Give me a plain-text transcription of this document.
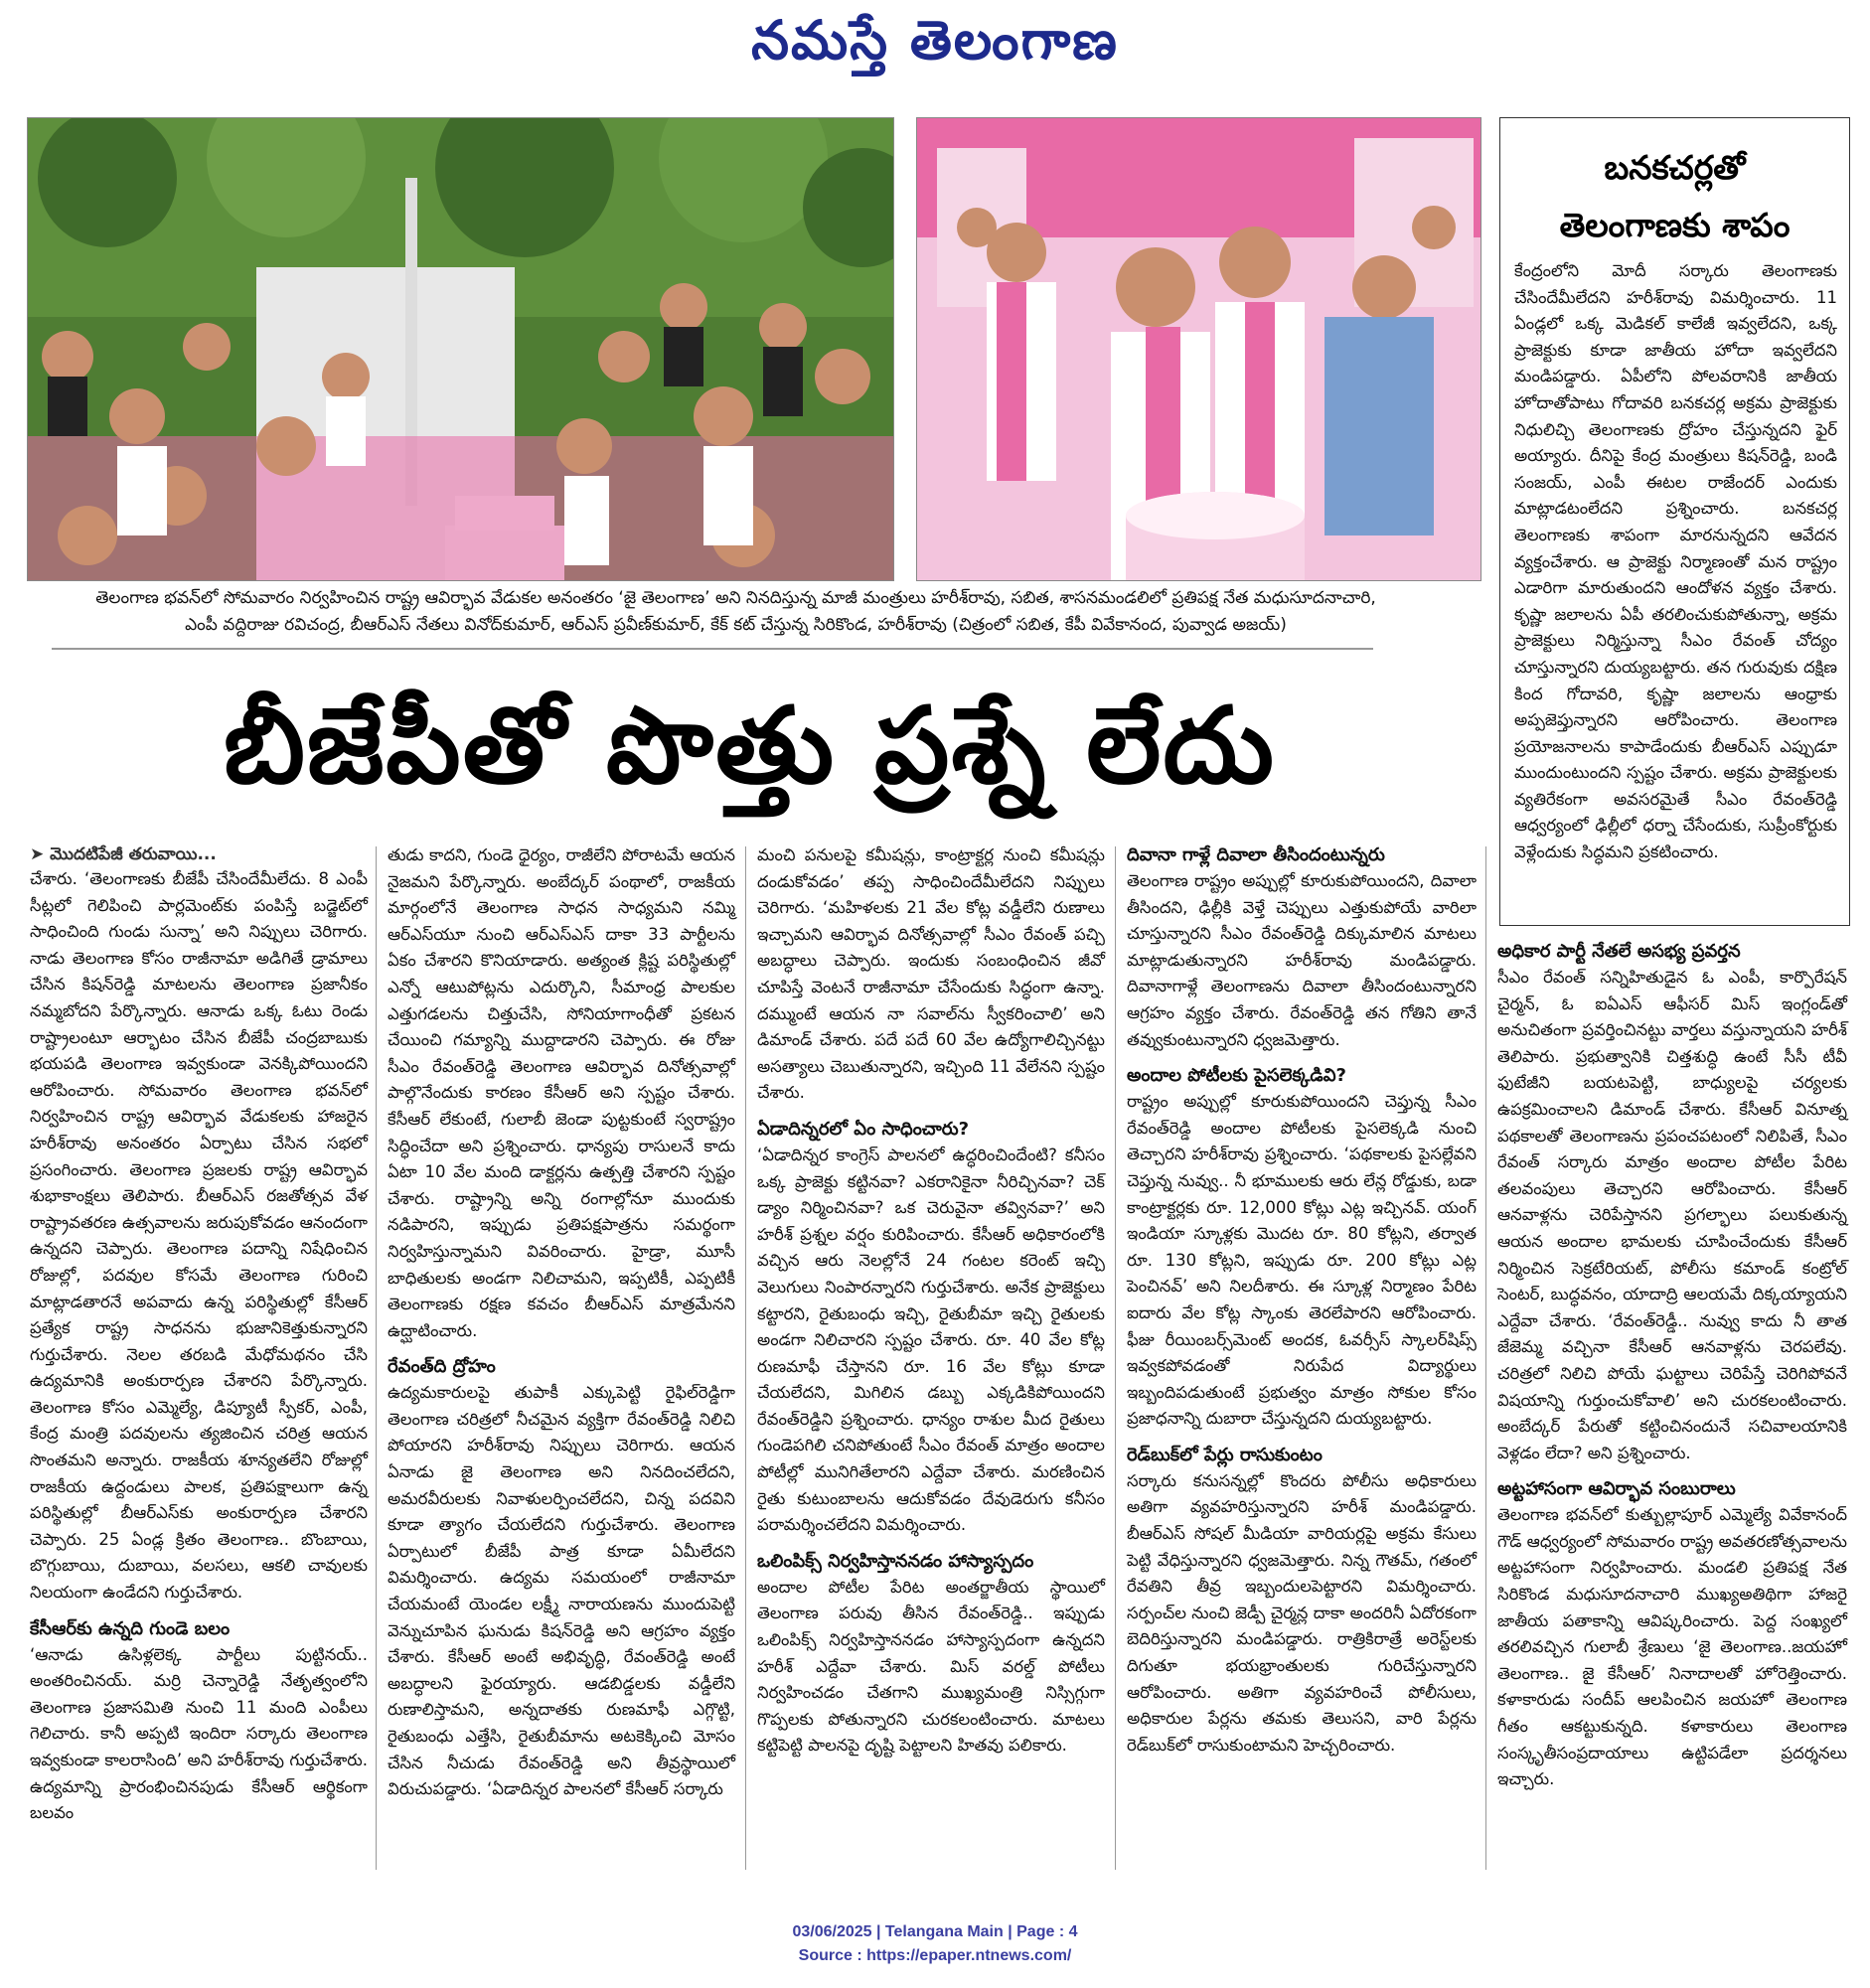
నమస్తే తెలంగాణ
తెలంగాణ భవన్‌లో సోమవారం నిర్వహించిన రాష్ట్ర ఆవిర్భావ వేడుకల అనంతరం ‘జై తెలంగాణ’ అని నినదిస్తున్న మాజీ మంత్రులు హరీశ్‌రావు, సబిత, శాసనమండలిలో ప్రతిపక్ష నేత మధుసూదనాచారి,
ఎంపీ వద్దిరాజు రవిచంద్ర, బీఆర్‌ఎస్ నేతలు వినోద్‌కుమార్, ఆర్‌ఎస్ ప్రవీణ్‌కుమార్, కేక్ కట్ చేస్తున్న సిరికొండ, హరీశ్‌రావు (చిత్రంలో సబిత, కేపీ వివేకానంద, పువ్వాడ అజయ్)
బీజేపీతో పొత్తు ప్రశ్నే లేదు
బనకచర్లతో
తెలంగాణకు శాపం

కేంద్రంలోని మోదీ సర్కారు తెలంగాణకు చేసిందేమీలేదని హరీశ్‌రావు విమర్శించారు. 11 ఏండ్లలో ఒక్క మెడికల్ కాలేజీ ఇవ్వలేదని, ఒక్క ప్రాజెక్టుకు కూడా జాతీయ హోదా ఇవ్వలేదని మండిపడ్డారు. ఏపీలోని పోలవరానికి జాతీయ హోదాతోపాటు గోదావరి బనకచర్ల అక్రమ ప్రాజెక్టుకు నిధులిచ్చి తెలంగాణకు ద్రోహం చేస్తున్నదని ఫైర్ అయ్యారు. దీనిపై కేంద్ర మంత్రులు కిషన్‌రెడ్డి, బండి సంజయ్, ఎంపీ ఈటల రాజేందర్ ఎందుకు మాట్లాడటంలేదని ప్రశ్నించారు. బనకచర్ల తెలంగాణకు శాపంగా మారనున్నదని ఆవేదన వ్యక్తంచేశారు. ఆ ప్రాజెక్టు నిర్మాణంతో మన రాష్ట్రం ఎడారిగా మారుతుందని ఆందోళన వ్యక్తం చేశారు. కృష్ణా జలాలను ఏపీ తరలించుకుపోతున్నా, అక్రమ ప్రాజెక్టులు నిర్మిస్తున్నా సీఎం రేవంత్ చోద్యం చూస్తున్నారని దుయ్యబట్టారు. తన గురువుకు దక్షిణ కింద గోదావరి, కృష్ణా జలాలను ఆంధ్రాకు అప్పజెప్తున్నారని ఆరోపించారు. తెలంగాణ ప్రయోజనాలను కాపాడేందుకు బీఆర్‌ఎస్ ఎప్పుడూ ముందుంటుందని స్పష్టం చేశారు. అక్రమ ప్రాజెక్టులకు వ్యతిరేకంగా అవసరమైతే సీఎం రేవంత్‌రెడ్డి ఆధ్వర్యంలో ఢిల్లీలో ధర్నా చేసేందుకు, సుప్రీంకోర్టుకు వెళ్లేందుకు సిద్ధమని ప్రకటించారు.

➤ మొదటిపేజీ తరువాయి...

చేశారు. ‘తెలంగాణకు బీజేపీ చేసిందేమీలేదు. 8 ఎంపీ సీట్లలో గెలిపించి పార్లమెంట్‌కు పంపిస్తే బడ్జెట్‌లో సాధించింది గుండు సున్నా’ అని నిప్పులు చెరిగారు. నాడు తెలంగాణ కోసం రాజీనామా అడిగితే డ్రామాలు చేసిన కిషన్‌రెడ్డి మాటలను తెలంగాణ ప్రజానీకం నమ్మబోదని పేర్కొన్నారు. ఆనాడు ఒక్క ఓటు రెండు రాష్ట్రాలంటూ ఆర్భాటం చేసిన బీజేపీ చంద్రబాబుకు భయపడి తెలంగాణ ఇవ్వకుండా వెనక్కిపోయిందని ఆరోపించారు. సోమవారం తెలంగాణ భవన్‌లో నిర్వహించిన రాష్ట్ర ఆవిర్భావ వేడుకలకు హాజరైన హరీశ్‌రావు అనంతరం ఏర్పాటు చేసిన సభలో ప్రసంగించారు. తెలంగాణ ప్రజలకు రాష్ట్ర ఆవిర్భావ శుభాకాంక్షలు తెలిపారు. బీఆర్‌ఎస్ రజతోత్సవ వేళ రాష్ట్రావతరణ ఉత్సవాలను జరుపుకోవడం ఆనందంగా ఉన్నదని చెప్పారు. తెలంగాణ పదాన్ని నిషేధించిన రోజుల్లో, పదవుల కోసమే తెలంగాణ గురించి మాట్లాడతారనే అపవాదు ఉన్న పరిస్థితుల్లో కేసీఆర్ ప్రత్యేక రాష్ట్ర సాధనను భుజానికెత్తుకున్నారని గుర్తుచేశారు. నెలల తరబడి మేధోమథనం చేసి ఉద్యమానికి అంకురార్పణ చేశారని పేర్కొన్నారు. తెలంగాణ కోసం ఎమ్మెల్యే, డిప్యూటీ స్పీకర్, ఎంపీ, కేంద్ర మంత్రి పదవులను త్యజించిన చరిత్ర ఆయన సొంతమని అన్నారు. రాజకీయ శూన్యతలేని రోజుల్లో రాజకీయ ఉద్దండులు పాలక, ప్రతిపక్షాలుగా ఉన్న పరిస్థితుల్లో బీఆర్‌ఎస్‌కు అంకురార్పణ చేశారని చెప్పారు. 25 ఏండ్ల క్రితం తెలంగాణ.. బొంబాయి, బొగ్గుబాయి, దుబాయి, వలసలు, ఆకలి చావులకు నిలయంగా ఉండేదని గుర్తుచేశారు.

కేసీఆర్‌కు ఉన్నది గుండె బలం

‘ఆనాడు ఉసిళ్లలెక్క పార్టీలు పుట్టినయ్.. అంతరించినయ్. మర్రి చెన్నారెడ్డి నేతృత్వంలోని తెలంగాణ ప్రజాసమితి నుంచి 11 మంది ఎంపీలు గెలిచారు. కానీ అప్పటి ఇందిరా సర్కారు తెలంగాణ ఇవ్వకుండా కాలరాసింది’ అని హరీశ్‌రావు గుర్తుచేశారు. ఉద్యమాన్ని ప్రారంభించినపుడు కేసీఆర్ ఆర్థికంగా బలవం

తుడు కాదని, గుండె ధైర్యం, రాజీలేని పోరాటమే ఆయన నైజమని పేర్కొన్నారు. అంబేద్కర్ పంథాలో, రాజకీయ మార్గంలోనే తెలంగాణ సాధన సాధ్యమని నమ్మి ఆర్‌ఎస్‌యూ నుంచి ఆర్‌ఎస్‌ఎస్ దాకా 33 పార్టీలను ఏకం చేశారని కొనియాడారు. అత్యంత క్లిష్ట పరిస్థితుల్లో ఎన్నో ఆటుపోట్లను ఎదుర్కొని, సీమాంధ్ర పాలకుల ఎత్తుగడలను చిత్తుచేసి, సోనియాగాంధీతో ప్రకటన చేయించి గమ్యాన్ని ముద్దాడారని చెప్పారు. ఈ రోజు సీఎం రేవంత్‌రెడ్డి తెలంగాణ ఆవిర్భావ దినోత్సవాల్లో పాల్గొనేందుకు కారణం కేసీఆర్ అని స్పష్టం చేశారు. కేసీఆర్ లేకుంటే, గులాబీ జెండా పుట్టకుంటే స్వరాష్ట్రం సిద్ధించేదా అని ప్రశ్నించారు. ధాన్యపు రాసులనే కాదు ఏటా 10 వేల మంది డాక్టర్లను ఉత్పత్తి చేశారని స్పష్టం చేశారు. రాష్ట్రాన్ని అన్ని రంగాల్లోనూ ముందుకు నడిపారని, ఇప్పుడు ప్రతిపక్షపాత్రను సమర్థంగా నిర్వహిస్తున్నామని వివరించారు. హైడ్రా, మూసీ బాధితులకు అండగా నిలిచామని, ఇప్పటికీ, ఎప్పటికీ తెలంగాణకు రక్షణ కవచం బీఆర్‌ఎస్ మాత్రమేనని ఉద్ఘాటించారు.

రేవంత్‌ది ద్రోహం

ఉద్యమకారులపై తుపాకీ ఎక్కుపెట్టి రైఫిల్‌రెడ్డిగా తెలంగాణ చరిత్రలో నీచమైన వ్యక్తిగా రేవంత్‌రెడ్డి నిలిచి పోయారని హరీశ్‌రావు నిప్పులు చెరిగారు. ఆయన ఏనాడు జై తెలంగాణ అని నినదించలేదని, అమరవీరులకు నివాళులర్పించలేదని, చిన్న పదవిని కూడా త్యాగం చేయలేదని గుర్తుచేశారు. తెలంగాణ ఏర్పాటులో బీజేపీ పాత్ర కూడా ఏమీలేదని విమర్శించారు. ఉద్యమ సమయంలో రాజీనామా చేయమంటే యెండల లక్ష్మీ నారాయణను ముందుపెట్టి వెన్నుచూపిన ఘనుడు కిషన్‌రెడ్డి అని ఆగ్రహం వ్యక్తం చేశారు. కేసీఆర్ అంటే అభివృద్ధి, రేవంత్‌రెడ్డి అంటే అబద్ధాలని ఫైరయ్యారు. ఆడబిడ్డలకు వడ్డీలేని రుణాలిస్తామని, అన్నదాతకు రుణమాఫీ ఎగ్గొట్టి, రైతుబంధు ఎత్తేసి, రైతుబీమాను అటకెక్కించి మోసం చేసిన నీచుడు రేవంత్‌రెడ్డి అని తీవ్రస్థాయిలో విరుచుపడ్డారు. ‘ఏడాదిన్నర పాలనలో కేసీఆర్ సర్కారు

మంచి పనులపై కమీషన్లు, కాంట్రాక్టర్ల నుంచి కమీషన్లు దండుకోవడం’ తప్ప సాధించిందేమీలేదని నిప్పులు చెరిగారు. ‘మహిళలకు 21 వేల కోట్ల వడ్డీలేని రుణాలు ఇచ్చామని ఆవిర్భావ దినోత్సవాల్లో సీఎం రేవంత్ పచ్చి అబద్ధాలు చెప్పారు. ఇందుకు సంబంధించిన జీవో చూపిస్తే వెంటనే రాజీనామా చేసేందుకు సిద్ధంగా ఉన్నా. దమ్ముంటే ఆయన నా సవాల్‌ను స్వీకరించాలి’ అని డిమాండ్ చేశారు. పదే పదే 60 వేల ఉద్యోగాలిచ్చినట్టు అసత్యాలు చెబుతున్నారని, ఇచ్చింది 11 వేలేనని స్పష్టం చేశారు.

ఏడాదిన్నరలో ఏం సాధించారు?

‘ఏడాదిన్నర కాంగ్రెస్ పాలనలో ఉద్ధరించిందేంటి? కనీసం ఒక్క ప్రాజెక్టు కట్టినవా? ఎకరానికైనా నీరిచ్చినవా? చెక్ డ్యాం నిర్మించినవా? ఒక చెరువైనా తవ్వినవా?’ అని హరీశ్ ప్రశ్నల వర్షం కురిపించారు. కేసీఆర్ అధికారంలోకి వచ్చిన ఆరు నెలల్లోనే 24 గంటల కరెంట్ ఇచ్చి వెలుగులు నింపారన్నారని గుర్తుచేశారు. అనేక ప్రాజెక్టులు కట్టారని, రైతుబంధు ఇచ్చి, రైతుబీమా ఇచ్చి రైతులకు అండగా నిలిచారని స్పష్టం చేశారు. రూ. 40 వేల కోట్ల రుణమాఫీ చేస్తానని రూ. 16 వేల కోట్లు కూడా చేయలేదని, మిగిలిన డబ్బు ఎక్కడికిపోయిందని రేవంత్‌రెడ్డిని ప్రశ్నించారు. ధాన్యం రాశుల మీద రైతులు గుండెపగిలి చనిపోతుంటే సీఎం రేవంత్ మాత్రం అందాల పోటీల్లో మునిగితేలారని ఎద్దేవా చేశారు. మరణించిన రైతు కుటుంబాలను ఆదుకోవడం దేవుడెరుగు కనీసం పరామర్శించలేదని విమర్శించారు.

ఒలింపిక్స్ నిర్వహిస్తాననడం హాస్యాస్పదం

అందాల పోటీల పేరిట అంతర్జాతీయ స్థాయిలో తెలంగాణ పరువు తీసిన రేవంత్‌రెడ్డి.. ఇప్పుడు ఒలింపిక్స్ నిర్వహిస్తాననడం హాస్యాస్పదంగా ఉన్నదని హరీశ్ ఎద్దేవా చేశారు. మిస్ వరల్డ్ పోటీలు నిర్వహించడం చేతగాని ముఖ్యమంత్రి నిస్సిగ్గుగా గొప్పలకు పోతున్నారని చురకలంటించారు. మాటలు కట్టిపెట్టి పాలనపై దృష్టి పెట్టాలని హితవు పలికారు.

దివానా గాళ్లే దివాలా తీసిందంటున్నరు

తెలంగాణ రాష్ట్రం అప్పుల్లో కూరుకుపోయిందని, దివాలా తీసిందని, ఢిల్లీకి వెళ్తే చెప్పులు ఎత్తుకుపోయే వారిలా చూస్తున్నారని సీఎం రేవంత్‌రెడ్డి దిక్కుమాలిన మాటలు మాట్లాడుతున్నారని హరీశ్‌రావు మండిపడ్డారు. దివానాగాళ్లే తెలంగాణను దివాలా తీసిందంటున్నారని ఆగ్రహం వ్యక్తం చేశారు. రేవంత్‌రెడ్డి తన గోతిని తానే తవ్వుకుంటున్నారని ధ్వజమెత్తారు.

అందాల పోటీలకు పైసలెక్కడివి?

రాష్ట్రం అప్పుల్లో కూరుకుపోయిందని చెప్తున్న సీఎం రేవంత్‌రెడ్డి అందాల పోటీలకు పైసలెక్కడి నుంచి తెచ్చారని హరీశ్‌రావు ప్రశ్నించారు. ‘పథకాలకు పైసల్లేవని చెప్తున్న నువ్వు.. నీ భూములకు ఆరు లేన్ల రోడ్డుకు, బడా కాంట్రాక్టర్లకు రూ. 12,000 కోట్లు ఎట్ల ఇచ్చినవ్. యంగ్ ఇండియా స్కూళ్లకు మొదట రూ. 80 కోట్లని, తర్వాత రూ. 130 కోట్లని, ఇప్పుడు రూ. 200 కోట్లు ఎట్ల పెంచినవ్’ అని నిలదీశారు. ఈ స్కూళ్ల నిర్మాణం పేరిట ఐదారు వేల కోట్ల స్కాంకు తెరలేపారని ఆరోపించారు. ఫీజు రీయింబర్స్‌మెంట్ అందక, ఓవర్సీస్ స్కాలర్‌షిప్స్ ఇవ్వకపోవడంతో నిరుపేద విద్యార్థులు ఇబ్బందిపడుతుంటే ప్రభుత్వం మాత్రం సోకుల కోసం ప్రజాధనాన్ని దుబారా చేస్తున్నదని దుయ్యబట్టారు.

రెడ్‌బుక్‌లో పేర్లు రాసుకుంటం

సర్కారు కనుసన్నల్లో కొందరు పోలీసు అధికారులు అతిగా వ్యవహరిస్తున్నారని హరీశ్ మండిపడ్డారు. బీఆర్‌ఎస్ సోషల్ మీడియా వారియర్లపై అక్రమ కేసులు పెట్టి వేధిస్తున్నారని ధ్వజమెత్తారు. నిన్న గౌతమ్, గతంలో రేవతిని తీవ్ర ఇబ్బందులపెట్టారని విమర్శించారు. సర్పంచ్‌ల నుంచి జెడ్పీ చైర్మన్ల దాకా అందరినీ ఏదోరకంగా బెదిరిస్తున్నారని మండిపడ్డారు. రాత్రికిరాత్రే అరెస్ట్‌లకు దిగుతూ భయభ్రాంతులకు గురిచేస్తున్నారని ఆరోపించారు. అతిగా వ్యవహరించే పోలీసులు, అధికారుల పేర్లను తమకు తెలుసని, వారి పేర్లను రెడ్‌బుక్‌లో రాసుకుంటామని హెచ్చరించారు.

అధికార పార్టీ నేతలే అసభ్య ప్రవర్తన

సీఎం రేవంత్ సన్నిహితుడైన ఓ ఎంపీ, కార్పొరేషన్ చైర్మన్, ఓ ఐఏఎస్ ఆఫీసర్ మిస్ ఇంగ్లండ్‌తో అనుచితంగా ప్రవర్తించినట్టు వార్తలు వస్తున్నాయని హరీశ్ తెలిపారు. ప్రభుత్వానికి చిత్తశుద్ధి ఉంటే సీసీ టీవీ ఫుటేజీని బయటపెట్టి, బాధ్యులపై చర్యలకు ఉపక్రమించాలని డిమాండ్ చేశారు. కేసీఆర్ వినూత్న పథకాలతో తెలంగాణను ప్రపంచపటంలో నిలిపితే, సీఎం రేవంత్ సర్కారు మాత్రం అందాల పోటీల పేరిట తలవంపులు తెచ్చారని ఆరోపించారు. కేసీఆర్ ఆనవాళ్లను చెరిపేస్తానని ప్రగల్భాలు పలుకుతున్న ఆయన అందాల భామలకు చూపించేందుకు కేసీఆర్ నిర్మించిన సెక్రటేరియట్, పోలీసు కమాండ్ కంట్రోల్ సెంటర్, బుద్ధవనం, యాదాద్రి ఆలయమే దిక్కయ్యాయని ఎద్దేవా చేశారు. ‘రేవంత్‌రెడ్డీ.. నువ్వు కాదు నీ తాత జేజెమ్మ వచ్చినా కేసీఆర్ ఆనవాళ్లను చెరపలేవు. చరిత్రలో నిలిచి పోయే ఘట్టాలు చెరిపేస్తే చెరిగిపోవనే విషయాన్ని గుర్తుంచుకోవాలి’ అని చురకలంటించారు. అంబేద్కర్ పేరుతో కట్టించినందునే సచివాలయానికి వెళ్లడం లేదా? అని ప్రశ్నించారు.

అట్టహాసంగా ఆవిర్భావ సంబురాలు

తెలంగాణ భవన్‌లో కుత్బుల్లాపూర్ ఎమ్మెల్యే వివేకానంద్ గౌడ్ ఆధ్వర్యంలో సోమవారం రాష్ట్ర అవతరణోత్సవాలను అట్టహాసంగా నిర్వహించారు. మండలి ప్రతిపక్ష నేత సిరికొండ మధుసూదనాచారి ముఖ్యఅతిథిగా హాజరై జాతీయ పతాకాన్ని ఆవిష్కరించారు. పెద్ద సంఖ్యలో తరలివచ్చిన గులాబీ శ్రేణులు ‘జై తెలంగాణ..జయహో తెలంగాణ.. జై కేసీఆర్’ నినాదాలతో హోరెత్తించారు. కళాకారుడు సందీప్ ఆలపించిన జయహో తెలంగాణ గీతం ఆకట్టుకున్నది. కళాకారులు తెలంగాణ సంస్కృతీసంప్రదాయాలు ఉట్టిపడేలా ప్రదర్శనలు ఇచ్చారు.

03/06/2025 | Telangana Main | Page : 4
Source : https://epaper.ntnews.com/
